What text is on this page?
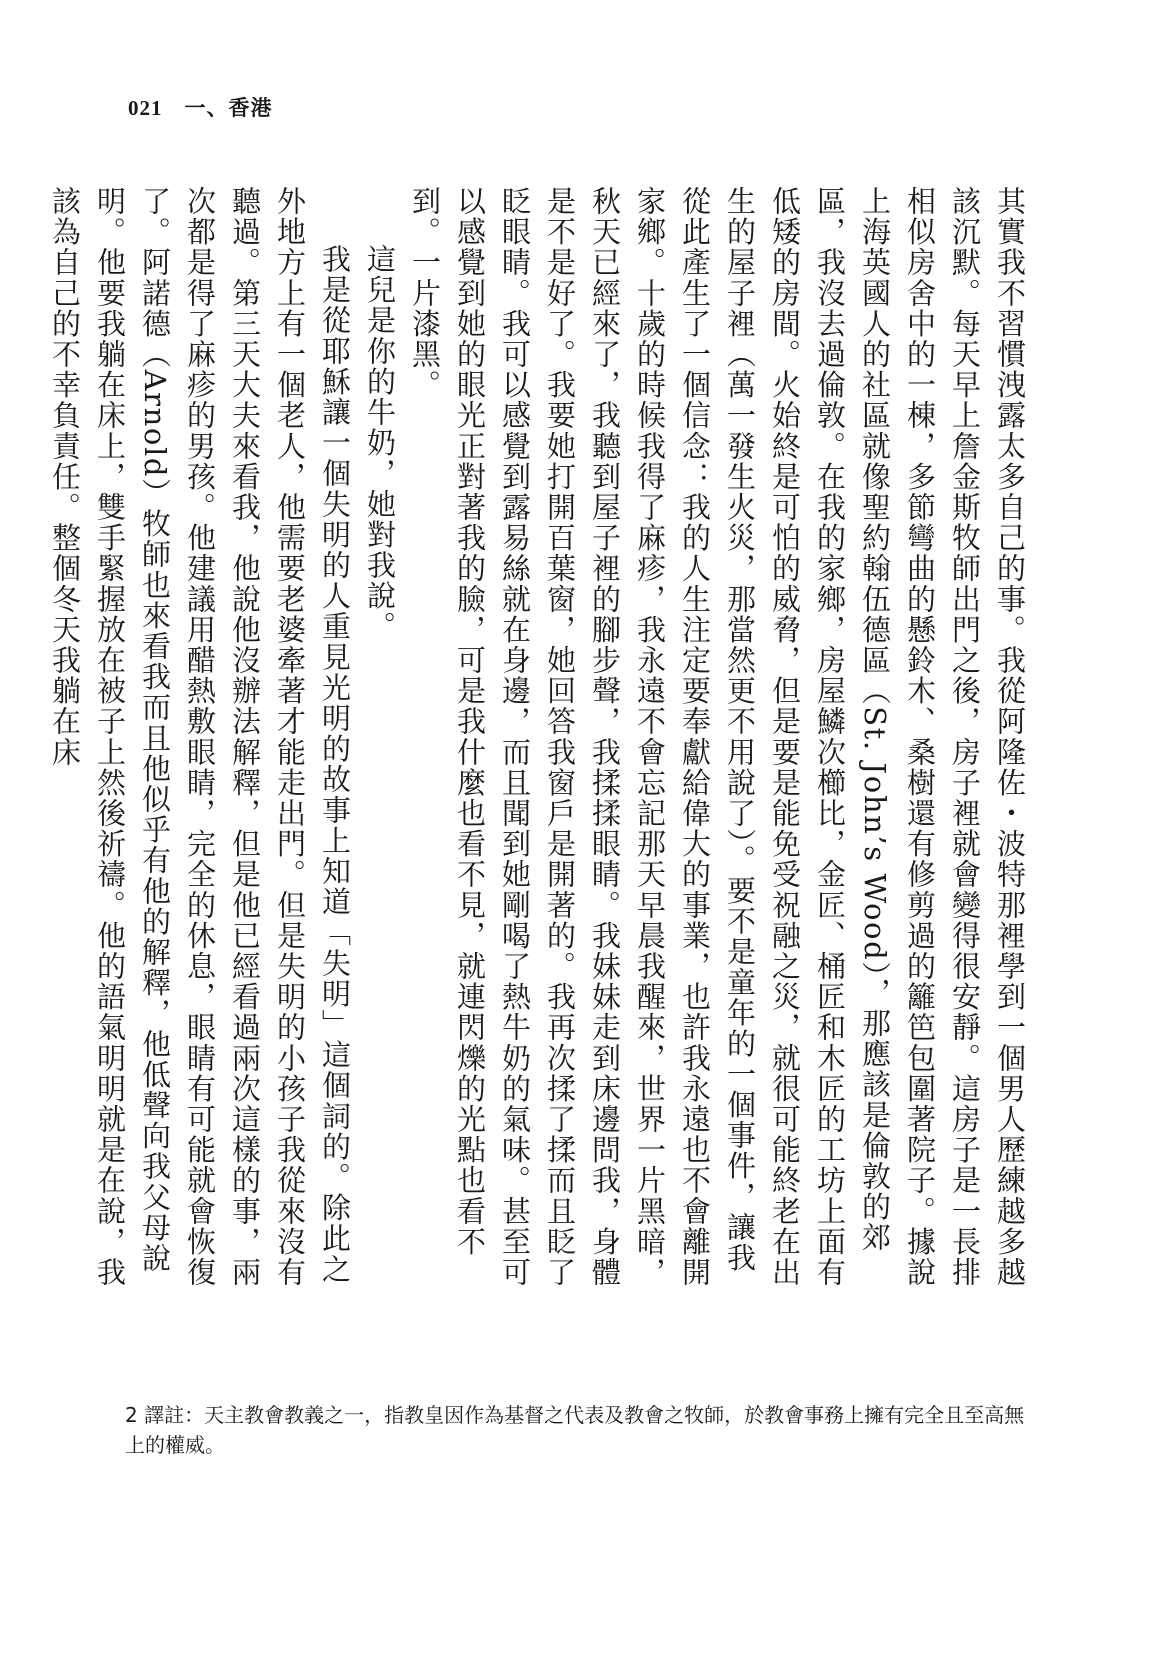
021 一、香港

其實我不習慣洩露太多自己的事。我從阿隆佐・波特那裡學到一個男人歷練越多越該沉默。每天早上詹金斯牧師出門之後，房子裡就會變得很安靜。這房子是一長排相似房舍中的一棟，多節彎曲的懸鈴木、桑樹還有修剪過的籬笆包圍著院子。據說上海英國人的社區就像聖約翰伍德區（St. John’s Wood），那應該是倫敦的郊區，我沒去過倫敦。在我的家鄉，房屋鱗次櫛比，金匠、桶匠和木匠的工坊上面有低矮的房間。火始終是可怕的威脅，但是要是能免受祝融之災，就很可能終老在出生的屋子裡（萬一發生火災，那當然更不用說了）。要不是童年的一個事件，讓我從此產生了一個信念：我的人生注定要奉獻給偉大的事業，也許我永遠也不會離開家鄉。十歲的時候我得了麻疹，我永遠不會忘記那天早晨我醒來，世界一片黑暗，秋天已經來了，我聽到屋子裡的腳步聲，我揉揉眼睛。我妹妹走到床邊問我，身體是不是好了。我要她打開百葉窗，她回答我窗戶是開著的。我再次揉了揉而且眨了眨眼睛。我可以感覺到露易絲就在身邊，而且聞到她剛喝了熱牛奶的氣味。甚至可以感覺到她的眼光正對著我的臉，可是我什麼也看不見，就連閃爍的光點也看不到。一片漆黑。

這兒是你的牛奶，她對我說。

我是從耶穌讓一個失明的人重見光明的故事上知道「失明」這個詞的。除此之外地方上有一個老人，他需要老婆牽著才能走出門。但是失明的小孩子我從來沒有聽過。第三天大夫來看我，他說他沒辦法解釋，但是他已經看過兩次這樣的事，兩次都是得了麻疹的男孩。他建議用醋熱敷眼睛，完全的休息，眼睛有可能就會恢復了。阿諾德（Arnold）牧師也來看我而且他似乎有他的解釋，他低聲向我父母說明。他要我躺在床上，雙手緊握放在被子上然後祈禱。他的語氣明明就是在說，我該為自己的不幸負責任。整個冬天我躺在床

2 譯註：天主教會教義之一，指教皇因作為基督之代表及教會之牧師，於教會事務上擁有完全且至高無上的權威。
